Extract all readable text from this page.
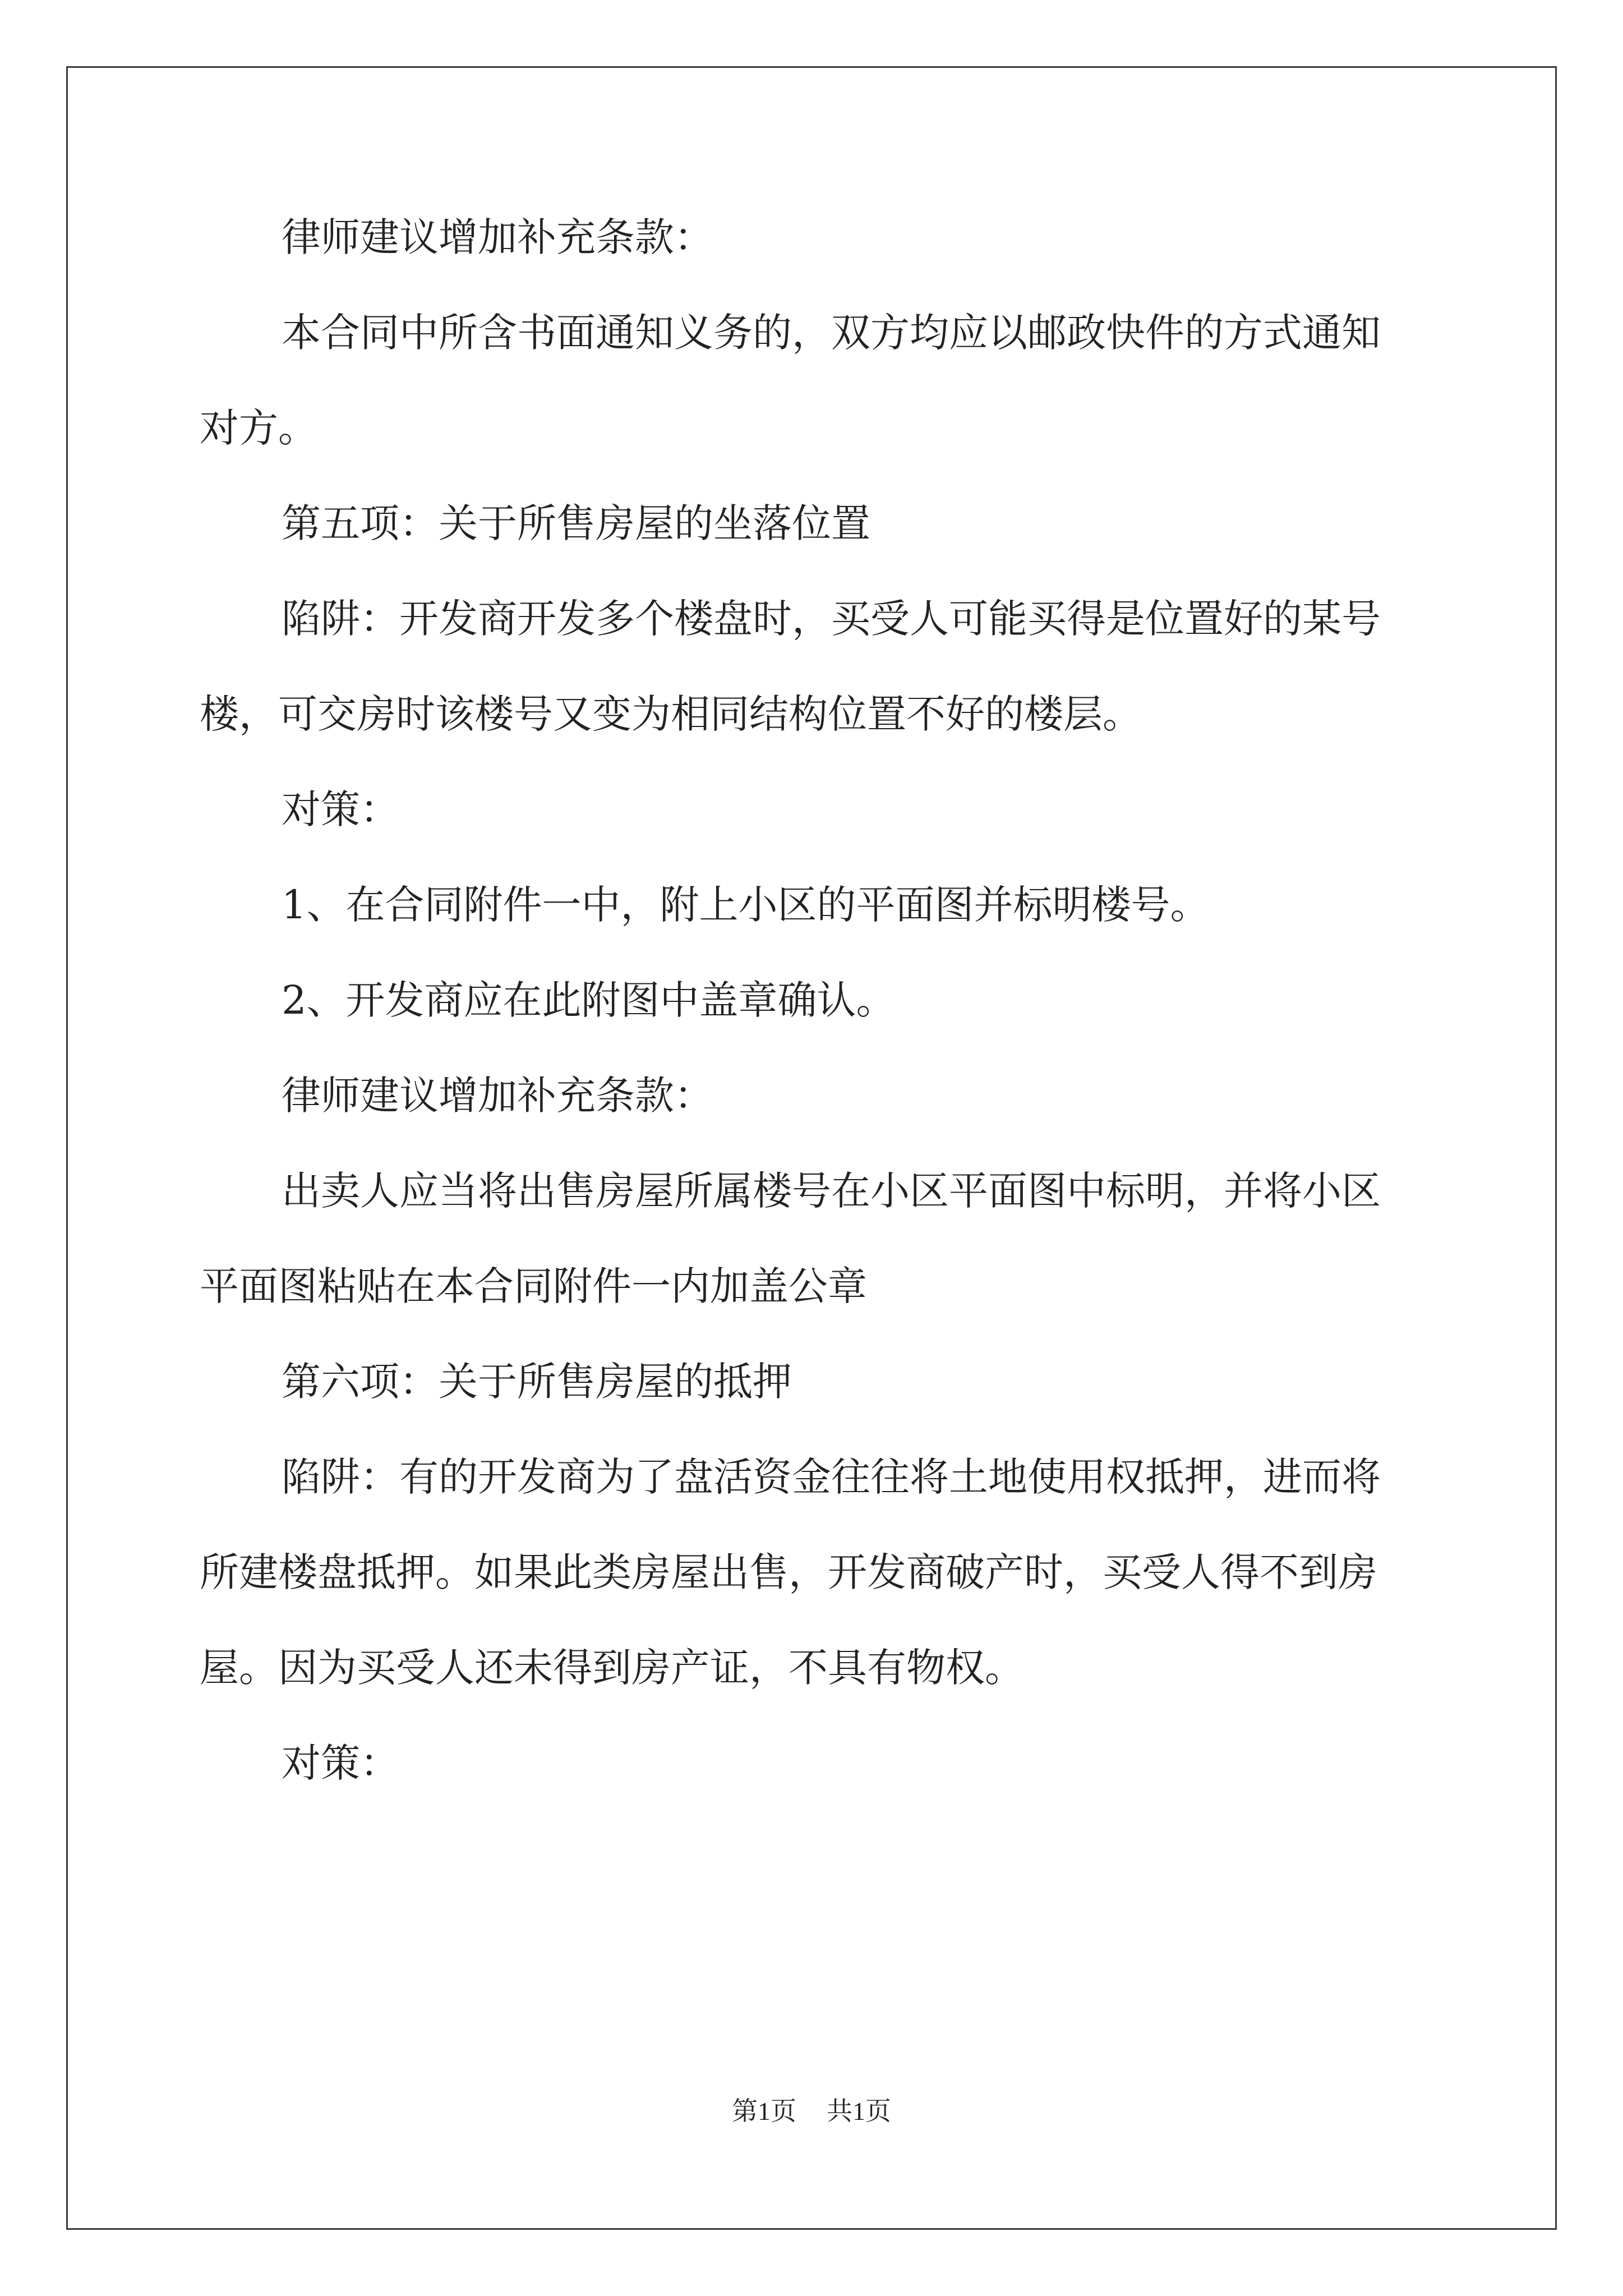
律师建议增加补充条款：

本合同中所含书面通知义务的，双方均应以邮政快件的方式通知

对方。

第五项：关于所售房屋的坐落位置

陷阱：开发商开发多个楼盘时，买受人可能买得是位置好的某号

楼，可交房时该楼号又变为相同结构位置不好的楼层。

对策：

1、在合同附件一中，附上小区的平面图并标明楼号。

2、开发商应在此附图中盖章确认。

律师建议增加补充条款：

出卖人应当将出售房屋所属楼号在小区平面图中标明，并将小区

平面图粘贴在本合同附件一内加盖公章

第六项：关于所售房屋的抵押

陷阱：有的开发商为了盘活资金往往将土地使用权抵押，进而将

所建楼盘抵押。如果此类房屋出售，开发商破产时，买受人得不到房

屋。因为买受人还未得到房产证，不具有物权。

对策：

第1页 共1页
